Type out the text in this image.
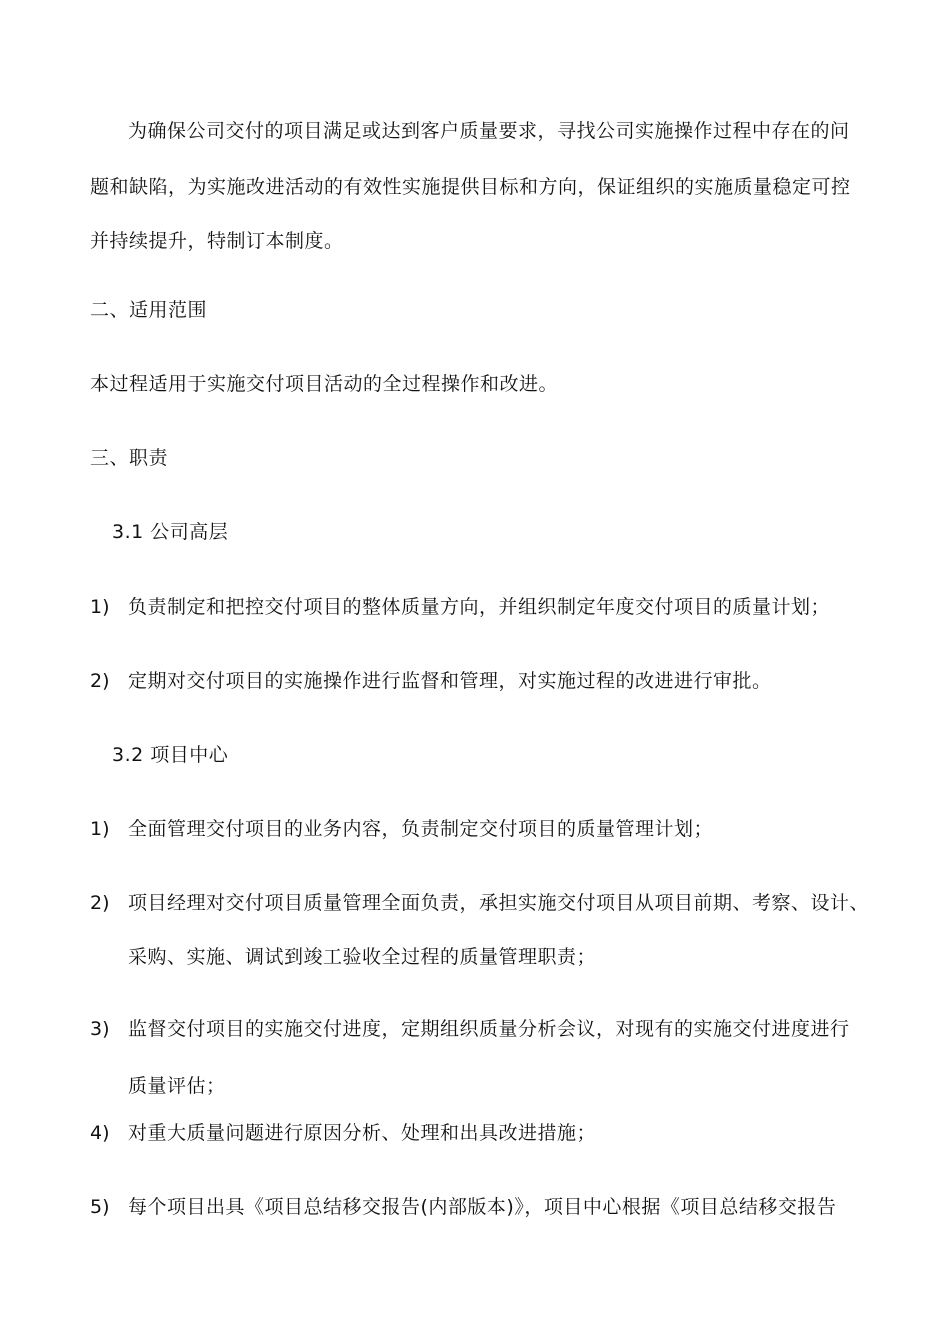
为确保公司交付的项目满足或达到客户质量要求，寻找公司实施操作过程中存在的问
题和缺陷，为实施改进活动的有效性实施提供目标和方向，保证组织的实施质量稳定可控
并持续提升，特制订本制度。
二、适用范围
本过程适用于实施交付项目活动的全过程操作和改进。
三、职责
3.1 公司高层
1) 负责制定和把控交付项目的整体质量方向，并组织制定年度交付项目的质量计划；
2) 定期对交付项目的实施操作进行监督和管理，对实施过程的改进进行审批。
3.2 项目中心
1) 全面管理交付项目的业务内容，负责制定交付项目的质量管理计划；
2) 项目经理对交付项目质量管理全面负责，承担实施交付项目从项目前期、考察、设计、
采购、实施、调试到竣工验收全过程的质量管理职责；
3) 监督交付项目的实施交付进度，定期组织质量分析会议，对现有的实施交付进度进行
质量评估；
4) 对重大质量问题进行原因分析、处理和出具改进措施；
5) 每个项目出具《项目总结移交报告(内部版本)》，项目中心根据《项目总结移交报告
